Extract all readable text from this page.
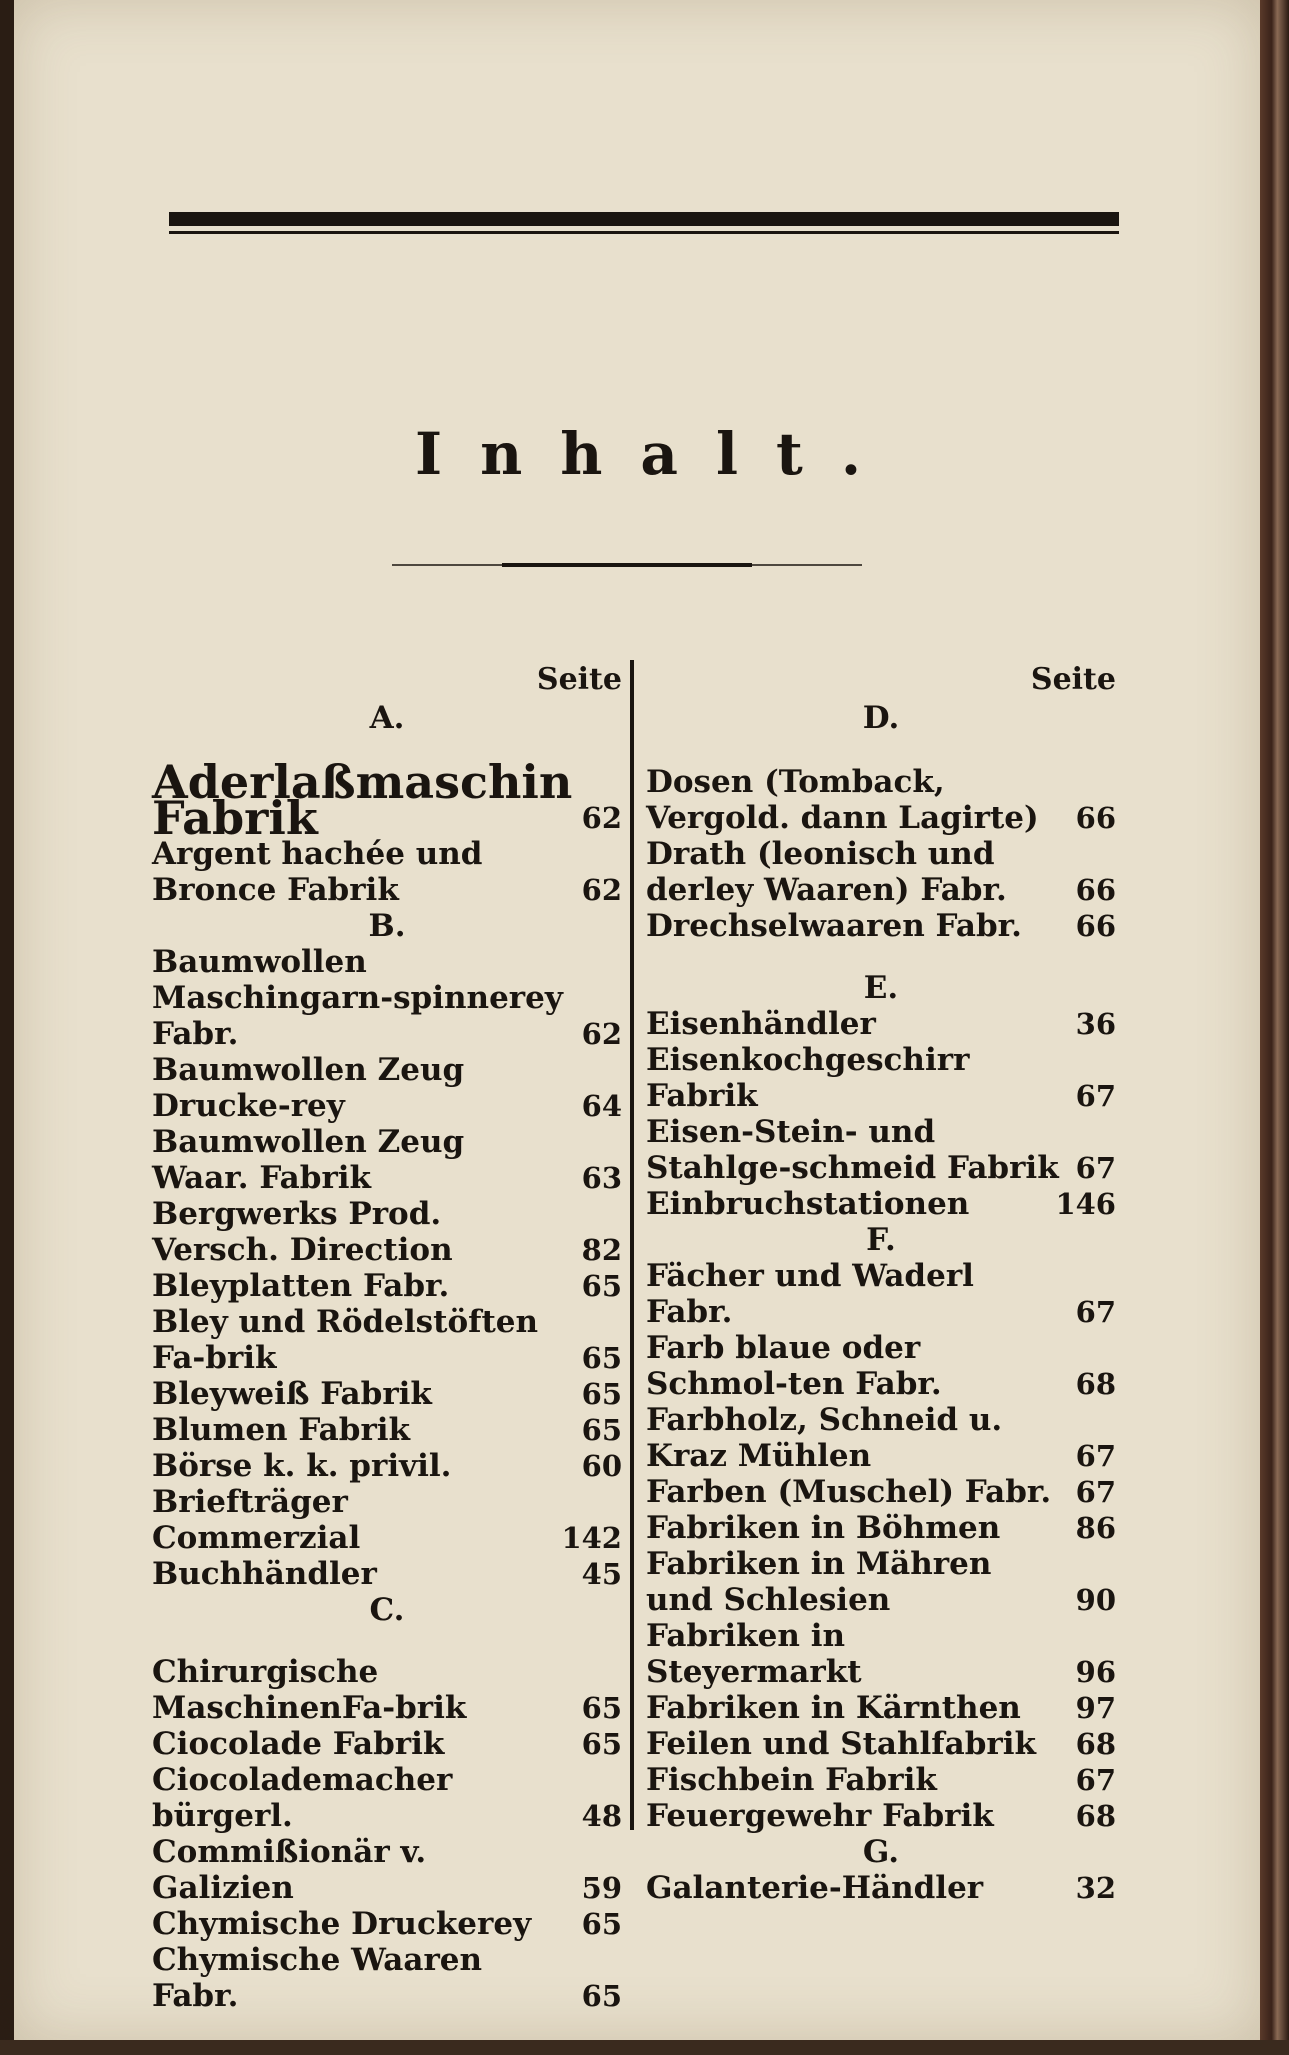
Inhalt.
Seite
A.
Aderlaßmaschin Fabrik	62
Argent hachée und Bronce Fabrik	62
B.
Baumwollen Maschingarn-spinnerey Fabr.	62
Baumwollen Zeug Drucke-rey	64
Baumwollen Zeug Waar. Fabrik	63
Bergwerks Prod. Versch. Direction	82
Bleyplatten Fabr.	65
Bley und Rödelstöften Fa-brik	65
Bleyweiß Fabrik	65
Blumen Fabrik	65
Börse k. k. privil.	60
Briefträger Commerzial	142
Buchhändler	45
C.
Chirurgische MaschinenFa-brik	65
Ciocolade Fabrik	65
Ciocolademacher bürgerl.	48
Commißionär v. Galizien	59
Chymische Druckerey	65
Chymische Waaren Fabr.	65
Seite
D.
Dosen (Tomback, Vergold. dann Lagirte)	66
Drath (leonisch und derley Waaren) Fabr.	66
Drechselwaaren Fabr.	66
E.
Eisenhändler	36
Eisenkochgeschirr Fabrik	67
Eisen-Stein- und Stahlge-schmeid Fabrik 67
Einbruchstationen	146
F.
Fächer und Waderl Fabr.	67
Farb blaue oder Schmol-ten Fabr.	68
Farbholz, Schneid u. Kraz Mühlen	67
Farben (Muschel) Fabr. 67
Fabriken in Böhmen	86
Fabriken in Mähren und Schlesien	90
Fabriken in Steyermarkt	96
Fabriken in Kärnthen	97
Feilen und Stahlfabrik	68
Fischbein Fabrik	67
Feuergewehr Fabrik	68
G.
Galanterie-Händler	32
